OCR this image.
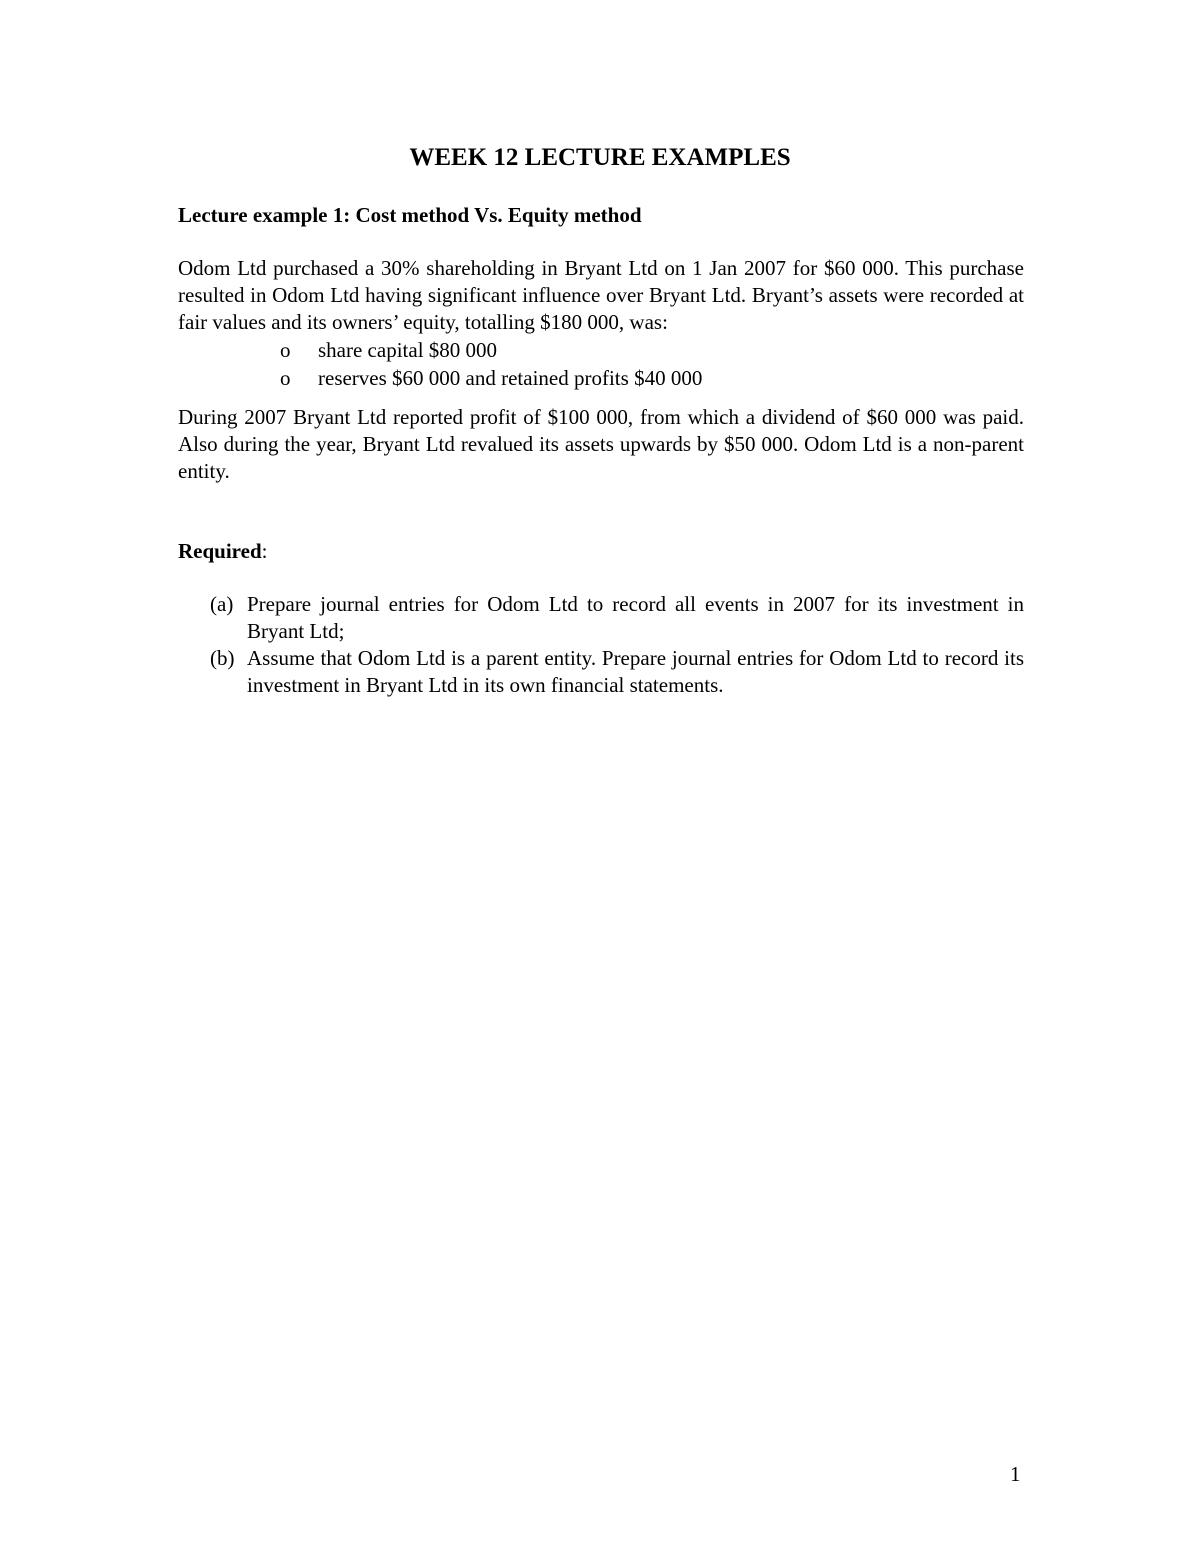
WEEK 12 LECTURE EXAMPLES

Lecture example 1: Cost method Vs. Equity method

Odom Ltd purchased a 30% shareholding in Bryant Ltd on 1 Jan 2007 for $60 000. This purchase resulted in Odom Ltd having significant influence over Bryant Ltd. Bryant’s assets were recorded at fair values and its owners’ equity, totalling $180 000, was:

o share capital $80 000
o reserves $60 000 and retained profits $40 000

During 2007 Bryant Ltd reported profit of $100 000, from which a dividend of $60 000 was paid. Also during the year, Bryant Ltd revalued its assets upwards by $50 000. Odom Ltd is a non-parent entity.

Required:

(a) Prepare journal entries for Odom Ltd to record all events in 2007 for its investment in Bryant Ltd;
(b) Assume that Odom Ltd is a parent entity. Prepare journal entries for Odom Ltd to record its investment in Bryant Ltd in its own financial statements.

1
